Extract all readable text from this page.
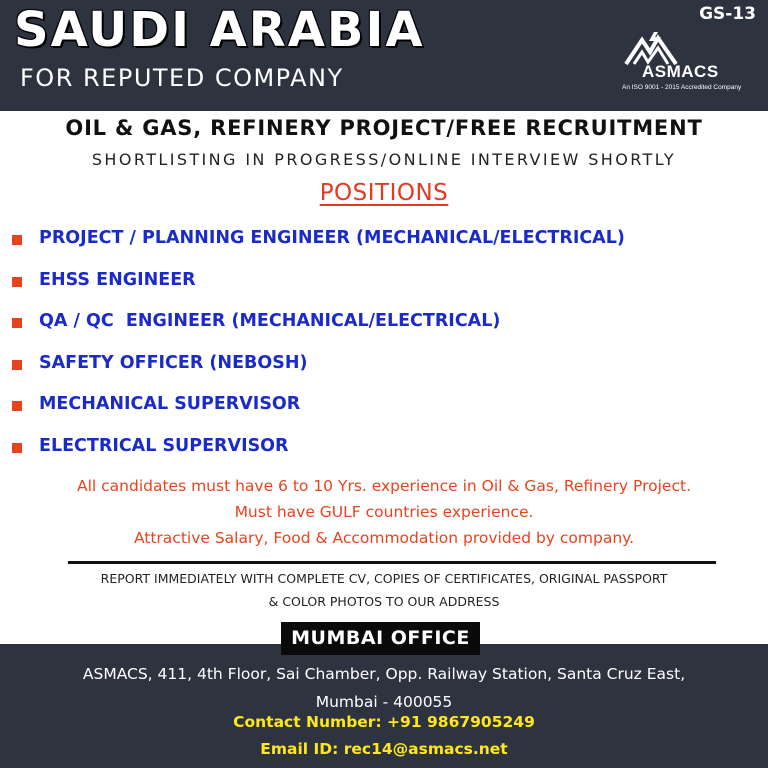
SAUDI ARABIA
FOR REPUTED COMPANY
GS-13
ASMACS
An ISO 9001 - 2015 Accredited Company
OIL & GAS, REFINERY PROJECT/FREE RECRUITMENT
SHORTLISTING IN PROGRESS/ONLINE INTERVIEW SHORTLY
POSITIONS
PROJECT / PLANNING ENGINEER (MECHANICAL/ELECTRICAL)
EHSS ENGINEER
QA / QC  ENGINEER (MECHANICAL/ELECTRICAL)
SAFETY OFFICER (NEBOSH)
MECHANICAL SUPERVISOR
ELECTRICAL SUPERVISOR
All candidates must have 6 to 10 Yrs. experience in Oil & Gas, Refinery Project.
Must have GULF countries experience.
Attractive Salary, Food & Accommodation provided by company.
REPORT IMMEDIATELY WITH COMPLETE CV, COPIES OF CERTIFICATES, ORIGINAL PASSPORT
& COLOR PHOTOS TO OUR ADDRESS
MUMBAI OFFICE
ASMACS, 411, 4th Floor, Sai Chamber, Opp. Railway Station, Santa Cruz East,
Mumbai - 400055
Contact Number: +91 9867905249
Email ID: rec14@asmacs.net
